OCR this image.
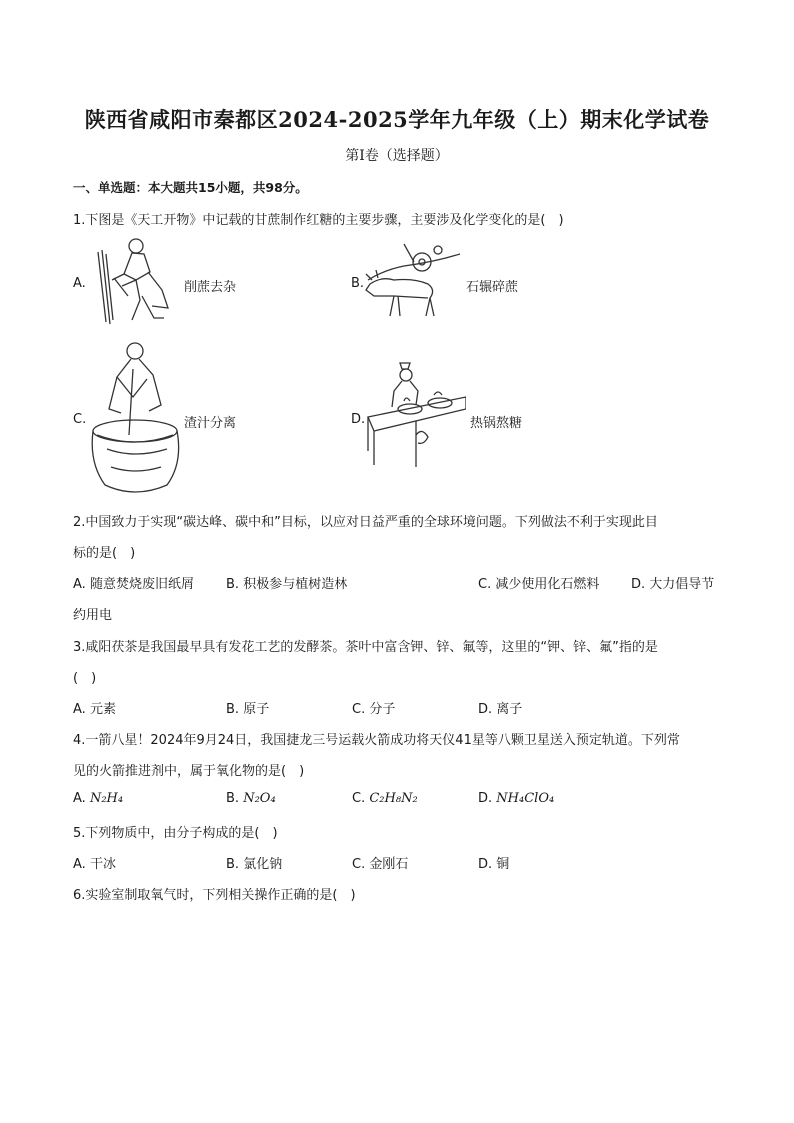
陕西省咸阳市秦都区2024-2025学年九年级（上）期末化学试卷
第Ⅰ卷（选择题）
一、单选题：本大题共15小题，共98分。
1.下图是《天工开物》中记载的甘蔗制作红糖的主要步骤，主要涉及化学变化的是(　)
A.	削蔗去杂	B.	石辗碎蔗
C.	渣汁分离	D.	热锅熬糖
2.中国致力于实现“碳达峰、碳中和”目标，以应对日益严重的全球环境问题。下列做法不利于实现此目
标的是(　)
A. 随意焚烧废旧纸屑 B. 积极参与植树造林	C. 减少使用化石燃料 D. 大力倡导节
约用电
3.咸阳茯茶是我国最早具有发花工艺的发酵茶。茶叶中富含钾、锌、氟等，这里的“钾、锌、氟”指的是
(　)
A. 元素	B. 原子	C. 分子	D. 离子
4.一箭八星！2024年9月24日，我国捷龙三号运载火箭成功将天仪41星等八颗卫星送入预定轨道。下列常
见的火箭推进剂中，属于氧化物的是(　)
A. N₂H₄	B. N₂O₄	C. C₂H₈N₂	D. NH₄ClO₄
5.下列物质中，由分子构成的是(　)
A. 干冰	B. 氯化钠	C. 金刚石	D. 铜
6.实验室制取氧气时，下列相关操作正确的是(　)
